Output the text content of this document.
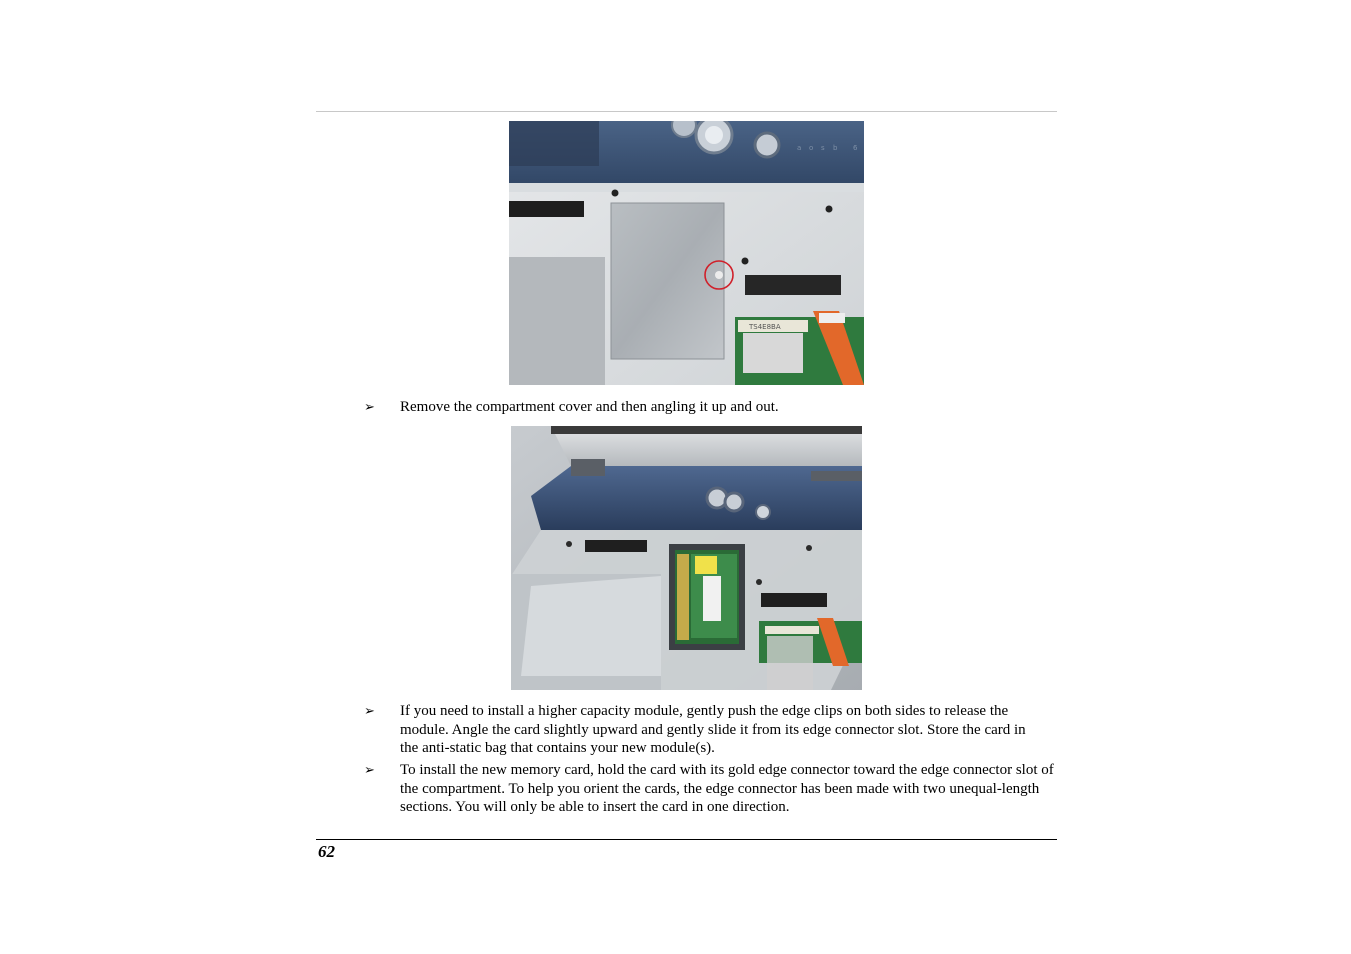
a o s b 6
TS4E8BA
➢ Remove the compartment cover and then angling it up and out.
➢ If you need to install a higher capacity module, gently push the edge clips on both sides to release the module. Angle the card slightly upward and gently slide it from its edge connector slot. Store the card in the anti-static bag that contains your new module(s).
➢ To install the new memory card, hold the card with its gold edge connector toward the edge connector slot of the compartment. To help you orient the cards, the edge connector has been made with two unequal-length sections. You will only be able to insert the card in one direction.
62
